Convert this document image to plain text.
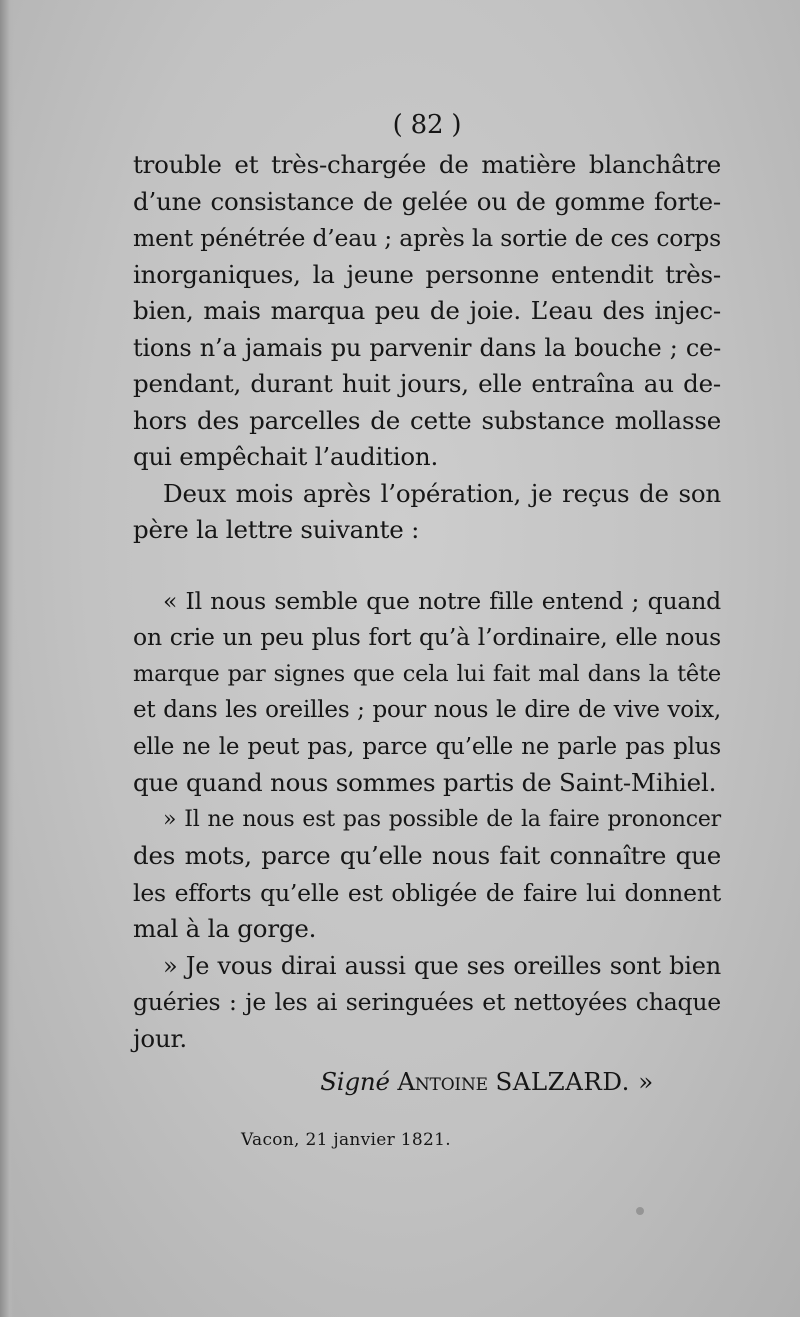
( 82 )
trouble et très-chargée de matière blanchâtre
d’une consistance de gelée ou de gomme forte-
ment pénétrée d’eau ; après la sortie de ces corps
inorganiques, la jeune personne entendit très-
bien, mais marqua peu de joie. L’eau des injec-
tions n’a jamais pu parvenir dans la bouche ; ce-
pendant, durant huit jours, elle entraîna au de-
hors des parcelles de cette substance mollasse
qui empêchait l’audition.
Deux mois après l’opération, je reçus de son
père la lettre suivante :
« Il nous semble que notre fille entend ; quand
on crie un peu plus fort qu’à l’ordinaire, elle nous
marque par signes que cela lui fait mal dans la tête
et dans les oreilles ; pour nous le dire de vive voix,
elle ne le peut pas, parce qu’elle ne parle pas plus
que quand nous sommes partis de Saint-Mihiel.
» Il ne nous est pas possible de la faire prononcer
des mots, parce qu’elle nous fait connaître que
les efforts qu’elle est obligée de faire lui donnent
mal à la gorge.
» Je vous dirai aussi que ses oreilles sont bien
guéries : je les ai seringuées et nettoyées chaque
jour.
Signé Antoine SALZARD. »
Vacon, 21 janvier 1821.
